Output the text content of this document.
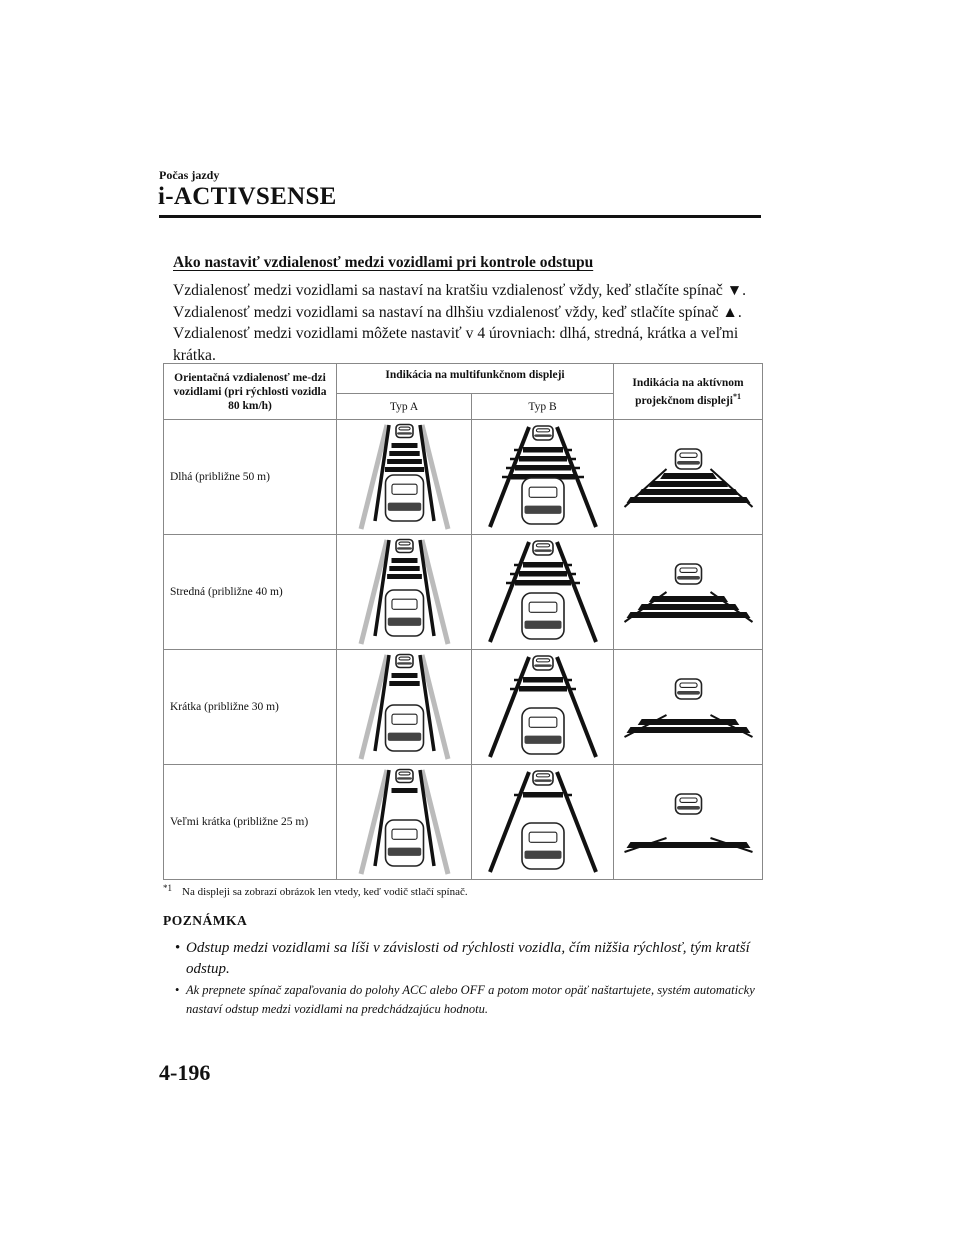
Počas jazdy
i-ACTIVSENSE
Ako nastaviť vzdialenosť medzi vozidlami pri kontrole odstupu

Vzdialenosť medzi vozidlami sa nastaví na kratšiu vzdialenosť vždy, keď stlačíte spínač ▼.

Vzdialenosť medzi vozidlami sa nastaví na dlhšiu vzdialenosť vždy, keď stlačíte spínač ▲.

Vzdialenosť medzi vozidlami môžete nastaviť v 4 úrovniach: dlhá, stredná, krátka a veľmi krátka.

Orientačná vzdialenosť me-dzi vozidlami (pri rýchlosti vozidla 80 km/h)	Indikácia na multifunkčnom displeji		Indikácia na aktívnom projekčnom displeji$^{*1}$
	Typ A	Typ B	
Dlhá (približne 50 m)	

Stredná (približne 40 m)	

Krátka (približne 30 m)	

Veľmi krátka (približne 25 m)	

$^{*1}$ Na displeji sa zobrazí obrázok len vtedy, keď vodič stlačí spínač.
POZNÁMKA
• Odstup medzi vozidlami sa líši v závislosti od rýchlosti vozidla, čím nižšia rýchlosť, tým kratší odstup.
• Ak prepnete spínač zapaľovania do polohy ACC alebo OFF a potom motor opäť naštartujete, systém automaticky nastaví odstup medzi vozidlami na predchádzajúcu hodnotu.
4-196
